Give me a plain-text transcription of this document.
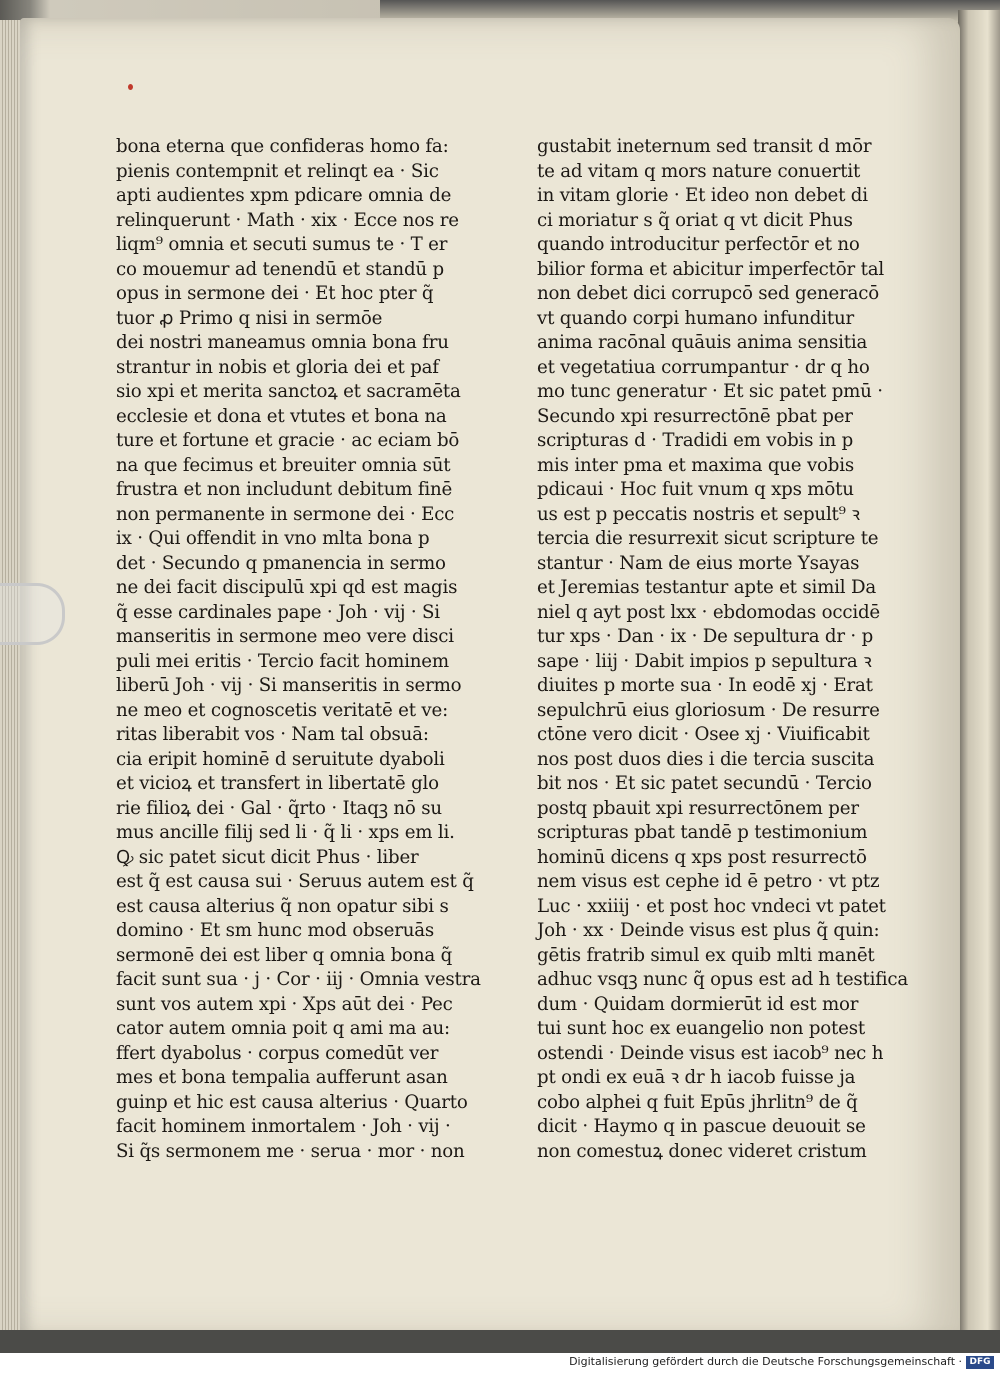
bona eterna que confideras homo fa:
pienis contempnit et relinqt ea · Sic
apti audientes xpm pdicare omnia de
relinquerunt · Math · xix · Ecce nos re
liqm⁹ omnia et secuti sumus te · T er
co mouemur ad tenendū et standū p
opus in sermone dei · Et hoc pter q̃
tuor ꝓ Primo q nisi in sermōe
dei nostri maneamus omnia bona fru
strantur in nobis et gloria dei et paf
sio xpi et merita sanctoꝝ et sacramēta
ecclesie et dona et vtutes et bona na
ture et fortune et gracie · ac eciam bō
na que fecimus et breuiter omnia sūt
frustra et non includunt debitum finē
non permanente in sermone dei · Ecc
ix · Qui offendit in vno mlta bona p
det · Secundo q pmanencia in sermo
ne dei facit discipulū xpi qd est magis
q̃ esse cardinales pape · Joh · vij · Si
manseritis in sermone meo vere disci
puli mei eritis · Tercio facit hominem
liberū Joh · vij · Si manseritis in sermo
ne meo et cognoscetis veritatē et ve:
ritas liberabit vos · Nam tal obsuā:
cia eripit hominē d seruitute dyaboli
et vicioꝝ et transfert in libertatē glo
rie filioꝝ dei · Gal · q̃rto · Itaqꝫ nō su
mus ancille filij sed li · q̃ li · xps em li.
Ꝙ sic patet sicut dicit Phus · liber
est q̃ est causa sui · Seruus autem est q̃
est causa alterius q̃ non opatur sibi s
domino · Et sm hunc mod obseruās
sermonē dei est liber q omnia bona q̃
facit sunt sua · j · Cor · iij · Omnia vestra
sunt vos autem xpi · Xps aūt dei · Pec
cator autem omnia poit q ami ma au:
ffert dyabolus · corpus comedūt ver
mes et bona tempalia aufferunt asan
guinp et hic est causa alterius · Quarto
facit hominem inmortalem · Joh · vij ·
Si q̃s sermonem me · serua · mor · non
gustabit ineternum sed transit d mōr
te ad vitam q mors nature conuertit
in vitam glorie · Et ideo non debet di
ci moriatur s q̃ oriat q vt dicit Phus
quando introducitur perfectōr et no
bilior forma et abicitur imperfectōr tal
non debet dici corrupcō sed generacō
vt quando corpi humano infunditur
anima racōnal quāuis anima sensitia
et vegetatiua corrumpantur · dr q ho
mo tunc generatur · Et sic patet pmū ·
Secundo xpi resurrectōnē pbat per
scripturas d · Tradidi em vobis in p
mis inter pma et maxima que vobis
pdicaui · Hoc fuit vnum q xps mōtu
us est p peccatis nostris et sepult⁹ ꝛ
tercia die resurrexit sicut scripture te
stantur · Nam de eius morte Ysayas
et Jeremias testantur apte et simil Da
niel q ayt post lxx · ebdomodas occidē
tur xps · Dan · ix · De sepultura dr · p
sape · liij · Dabit impios p sepultura ꝛ
diuites p morte sua · In eodē xj · Erat
sepulchrū eius gloriosum · De resurre
ctōne vero dicit · Osee xj · Viuificabit
nos post duos dies i die tercia suscita
bit nos · Et sic patet secundū · Tercio
postq pbauit xpi resurrectōnem per
scripturas pbat tandē p testimonium
hominū dicens q xps post resurrectō
nem visus est cephe id ē petro · vt ptz
Luc · xxiiij · et post hoc vndeci vt patet
Joh · xx · Deinde visus est plus q̃ quin:
gētis fratrib simul ex quib mlti manēt
adhuc vsqꝫ nunc q̃ opus est ad h testifica
dum · Quidam dormierūt id est mor
tui sunt hoc ex euangelio non potest
ostendi · Deinde visus est iacob⁹ nec h
pt ondi ex euā ꝛ dr h iacob fuisse ja
cobo alphei q fuit Epūs jhrlitn⁹ de q̃
dicit · Haymo q in pascue deuouit se
non comestuꝝ donec videret cristum
Digitalisierung gefördert durch die Deutsche Forschungsgemeinschaft · DFG
